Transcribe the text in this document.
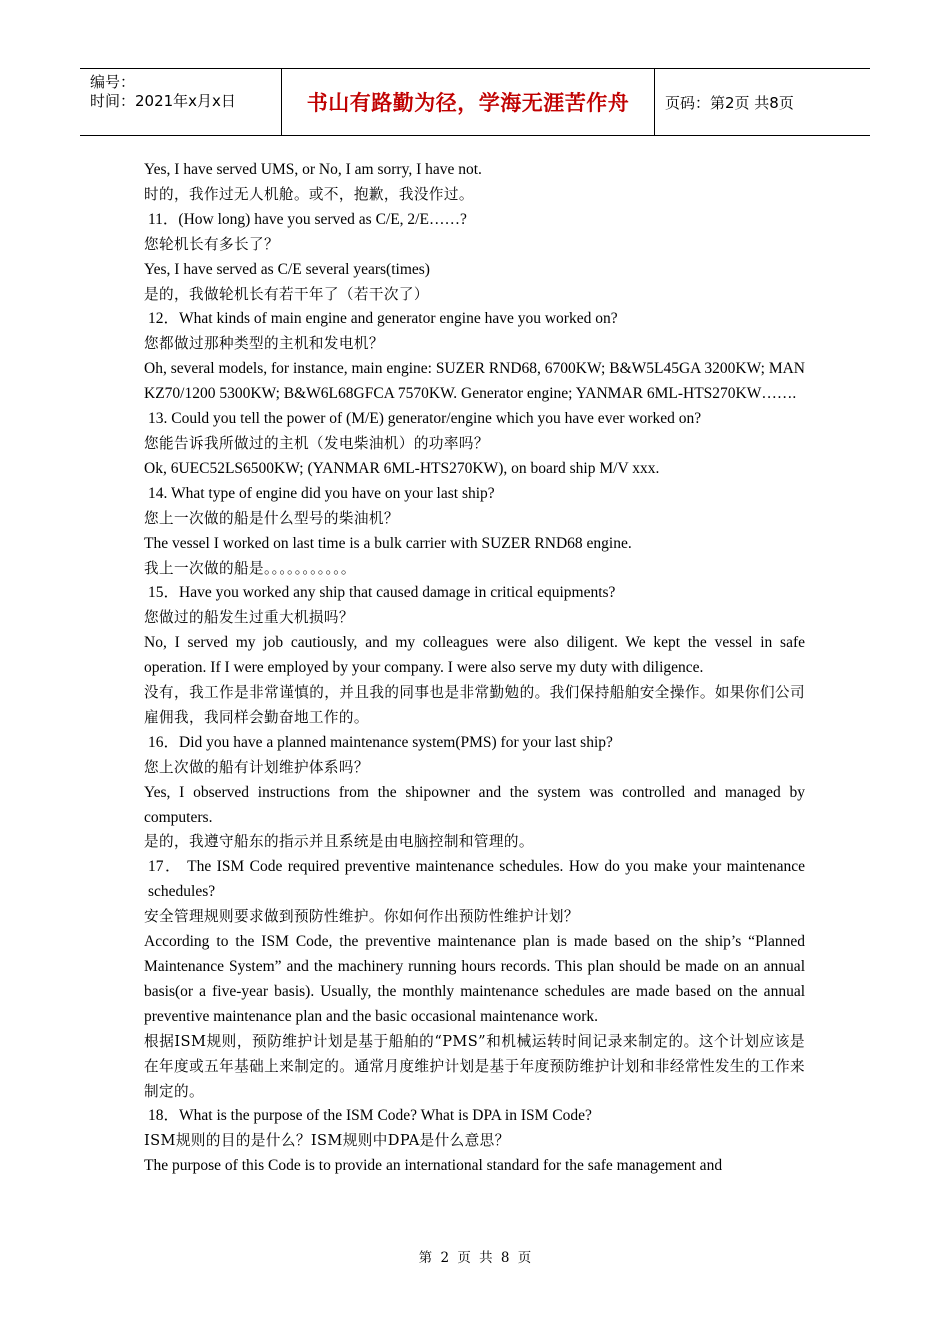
编号：
时间：2021年x月x日	书山有路勤为径，学海无涯苦作舟 页码：第2页 共8页

Yes, I have served UMS, or No, I am sorry, I have not.

时的，我作过无人机舱。或不，抱歉，我没作过。

11．(How long) have you served as C/E, 2/E……?

您轮机长有多长了？

Yes, I have served as C/E several years(times)

是的，我做轮机长有若干年了（若干次了）

12．What kinds of main engine and generator engine have you worked on?

您都做过那种类型的主机和发电机？

Oh, several models, for instance, main engine: SUZER RND68, 6700KW; B&W5L45GA 3200KW; MAN KZ70/1200 5300KW; B&W6L68GFCA 7570KW. Generator engine; YANMAR 6ML-HTS270KW…….

13. Could you tell the power of (M/E) generator/engine which you have ever worked on?

您能告诉我所做过的主机（发电柴油机）的功率吗？

Ok, 6UEC52LS6500KW; (YANMAR 6ML-HTS270KW), on board ship M/V xxx.

14. What type of engine did you have on your last ship?

您上一次做的船是什么型号的柴油机？

The vessel I worked on last time is a bulk carrier with SUZER RND68 engine.

我上一次做的船是。。。。。。。。。。。

15．Have you worked any ship that caused damage in critical equipments?

您做过的船发生过重大机损吗？

No, I served my job cautiously, and my colleagues were also diligent. We kept the vessel in safe operation. If I were employed by your company. I were also serve my duty with diligence.

没有，我工作是非常谨慎的，并且我的同事也是非常勤勉的。我们保持船舶安全操作。如果你们公司雇佣我，我同样会勤奋地工作的。

16．Did you have a planned maintenance system(PMS) for your last ship?

您上次做的船有计划维护体系吗？

Yes, I observed instructions from the shipowner and the system was controlled and managed by computers.

是的，我遵守船东的指示并且系统是由电脑控制和管理的。

17． The ISM Code required preventive maintenance schedules. How do you make your maintenance schedules?

安全管理规则要求做到预防性维护。你如何作出预防性维护计划？

According to the ISM Code, the preventive maintenance plan is made based on the ship’s “Planned Maintenance System” and the machinery running hours records. This plan should be made on an annual basis(or a five-year basis). Usually, the monthly maintenance schedules are made based on the annual preventive maintenance plan and the basic occasional maintenance work.

根据ISM规则，预防维护计划是基于船舶的“PMS”和机械运转时间记录来制定的。这个计划应该是在年度或五年基础上来制定的。通常月度维护计划是基于年度预防维护计划和非经常性发生的工作来制定的。

18．What is the purpose of the ISM Code? What is DPA in ISM Code?

ISM规则的目的是什么？ISM规则中DPA是什么意思？

The purpose of this Code is to provide an international standard for the safe management and

第 2 页 共 8 页
